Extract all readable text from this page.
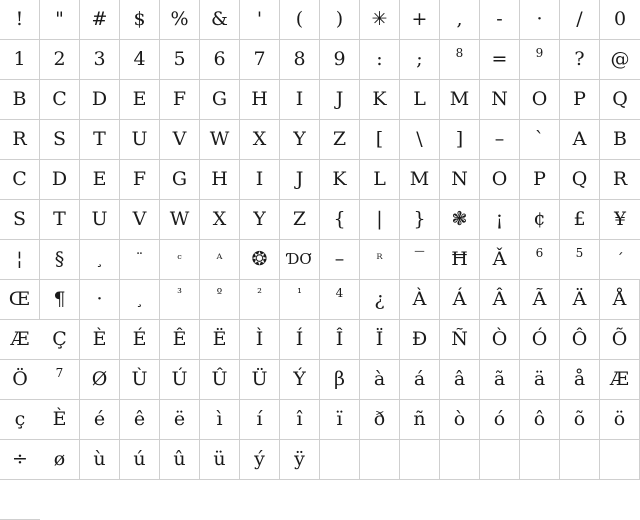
!	"	#	$	%	&	'	(	)	✳	+	,	-	·	/	0
1	2	3	4	5	6	7	8	9	:	;	8	=	9	?	@
B	C	D	E	F	G	H	I	J	K	L	M	N	O	P	Q
R	S	T	U	V	W	X	Y	Z	[	\	]	–	`	A	B
C	D	E	F	G	H	I	J	K	L	M	N	O	P	Q	R
S	T	U	V	W	X	Y	Z	{	|	}	❃	¡	¢	£	¥
¦	§	¸	¨	ᶜ	ᴬ	❂	ƊƠ	–	ᴿ	‾	Ħ	Ǎ	6	5	´
Œ	¶	·	¸	³	º	²	¹	4	¿	À	Á	Â	Ã	Ä	Å
Æ	Ç	È	É	Ê	Ë	Ì	Í	Î	Ï	Ð	Ñ	Ò	Ó	Ô	Õ
Ö	7	Ø	Ù	Ú	Û	Ü	Ý	β	à	á	â	ã	ä	å	Æ
ç	È	é	ê	ë	ì	í	î	ï	ð	ñ	ò	ó	ô	õ	ö
÷	ø	ù	ú	û	ü	ý	ÿ
